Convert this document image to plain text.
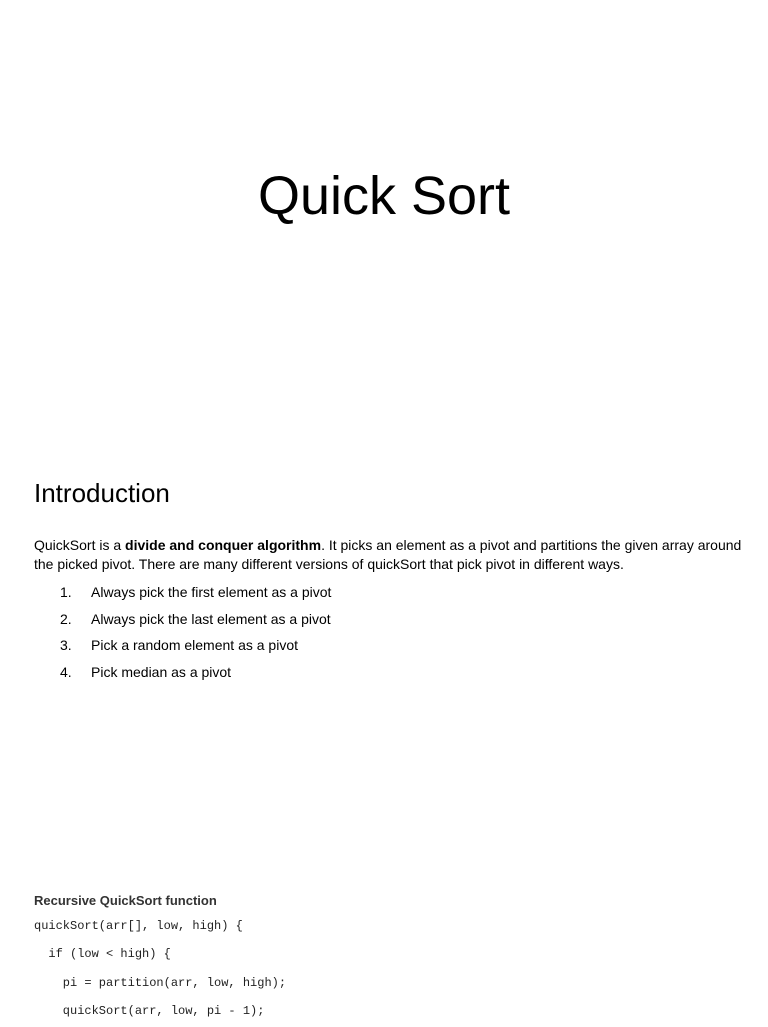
Quick Sort
Introduction

QuickSort is a divide and conquer algorithm. It picks an element as a pivot and partitions the given array around the picked pivot. There are many different versions of quickSort that pick pivot in different ways.

1.	Always pick the first element as a pivot
2.	Always pick the last element as a pivot
3.	Pick a random element as a pivot
4.	Pick median as a pivot
Recursive QuickSort function
quickSort(arr[], low, high) {
if (low < high) {
pi = partition(arr, low, high);
quickSort(arr, low, pi - 1);
